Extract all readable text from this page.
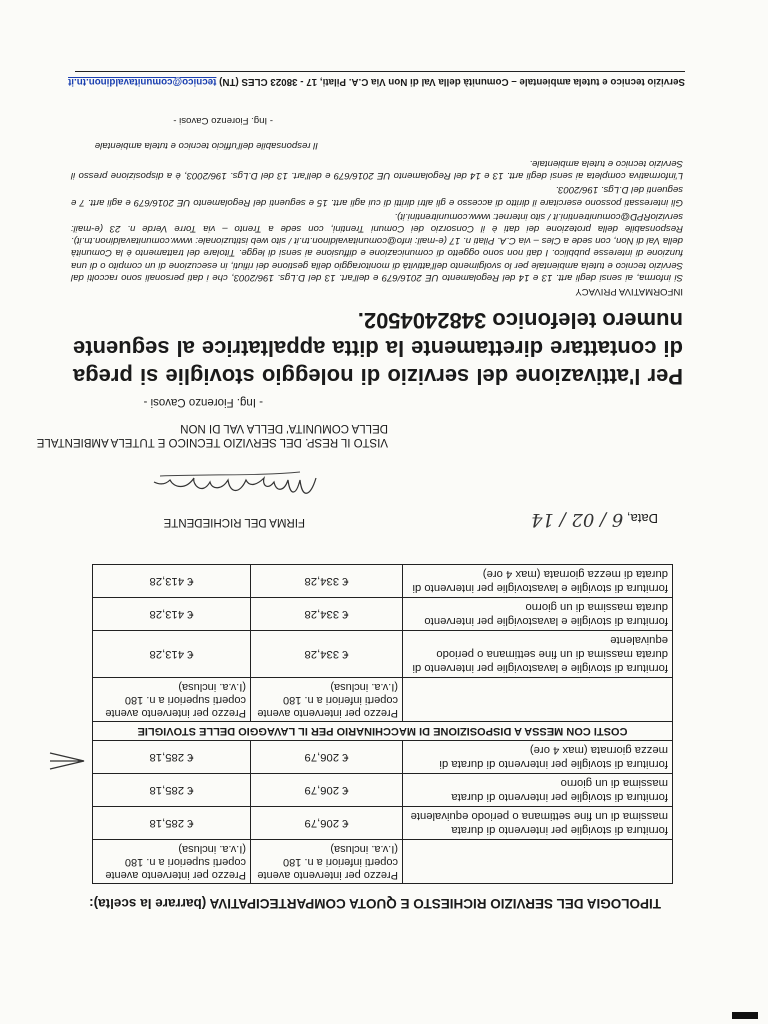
TIPOLOGIA DEL SERVIZIO RICHIESTO E QUOTA COMPARTECIPATIVA (barrare la scelta):
	Prezzo per intervento avente coperti inferiori a n. 180 (I.v.a. inclusa)	Prezzo per intervento avente coperti superiori a n. 180 (I.v.a. inclusa)
fornitura di stoviglie per intervento di durata massima di un fine settimana o periodo equivalente	€ 206,79	€ 285,18
fornitura di stoviglie per intervento di durata massima di un giorno	€ 206,79	€ 285,18
fornitura di stoviglie per intervento di durata di mezza giornata (max 4 ore)	€ 206,79	€ 285,18
COSTI CON MESSA A DISPOSIZIONE DI MACCHINARIO PER IL LAVAGGIO DELLE STOVIGLIE		
	Prezzo per intervento avente coperti inferiori a n. 180 (I.v.a. inclusa)	Prezzo per intervento avente coperti superiori a n. 180 (I.v.a. inclusa)
fornitura di stoviglie e lavastoviglie per intervento di durata massima di un fine settimana o periodo equivalente	€ 334,28	€ 413,28
fornitura di stoviglie e lavastoviglie per intervento durata massima di un giorno	€ 334,28	€ 413,28
fornitura di stoviglie e lavastoviglie per intervento di durata di mezza giornata (max 4 ore)	€ 334,28	€ 413,28
Data, 6 / 02 / 14
FIRMA DEL RICHIEDENTE
VISTO IL RESP. DEL SERVIZIO TECNICO E TUTELA AMBIENTALE
DELLA COMUNITA' DELLA VAL DI NON
- Ing. Fiorenzo Cavosi -
Per l'attivazione del servizio di noleggio stoviglie si prega di contattare direttamente la ditta appaltatrice al seguente numero telefonico 3482404502.

INFORMATIVA PRIVACY

Si informa, ai sensi degli artt. 13 e 14 del Regolamento UE 2016/679 e dell'art. 13 del D.Lgs. 196/2003, che i dati personali sono raccolti dal Servizio tecnico e tutela ambientale per lo svolgimento dell'attività di monitoraggio della gestione dei rifiuti, in esecuzione di un compito o di una funzione di interesse pubblico. I dati non sono oggetto di comunicazione e diffusione ai sensi di legge. Titolare del trattamento è la Comunità della Val di Non, con sede a Cles – via C.A. Pilati n. 17 (e-mail: info@comunitavaldinon.tn.it / sito web istituzionale: www.comunitavaldinon.tn.it). Responsabile della protezione dei dati è il Consorzio dei Comuni Trentini, con sede a Trento – via Torre Verde n. 23 (e-mail: servizioRPD@comunitrentini.it / sito internet: www.comunitrentini.it).

Gli interessati possono esercitare il diritto di accesso e gli altri diritti di cui agli artt. 15 e seguenti del Regolamento UE 2016/679 e agli artt. 7 e seguenti del D.Lgs. 196/2003.

L'informativa completa ai sensi degli artt. 13 e 14 del Regolamento UE 2016/679 e dell'art. 13 del D.Lgs. 196/2003, è a disposizione presso il Servizio tecnico e tutela ambientale.

Il responsabile dell'ufficio tecnico e tutela ambientale
- Ing. Fiorenzo Cavosi -
Servizio tecnico e tutela ambientale – Comunità della Val di Non Via C.A. Pilati, 17 - 38023 CLES (TN) tecnico@comunitavaldinon.tn.it
